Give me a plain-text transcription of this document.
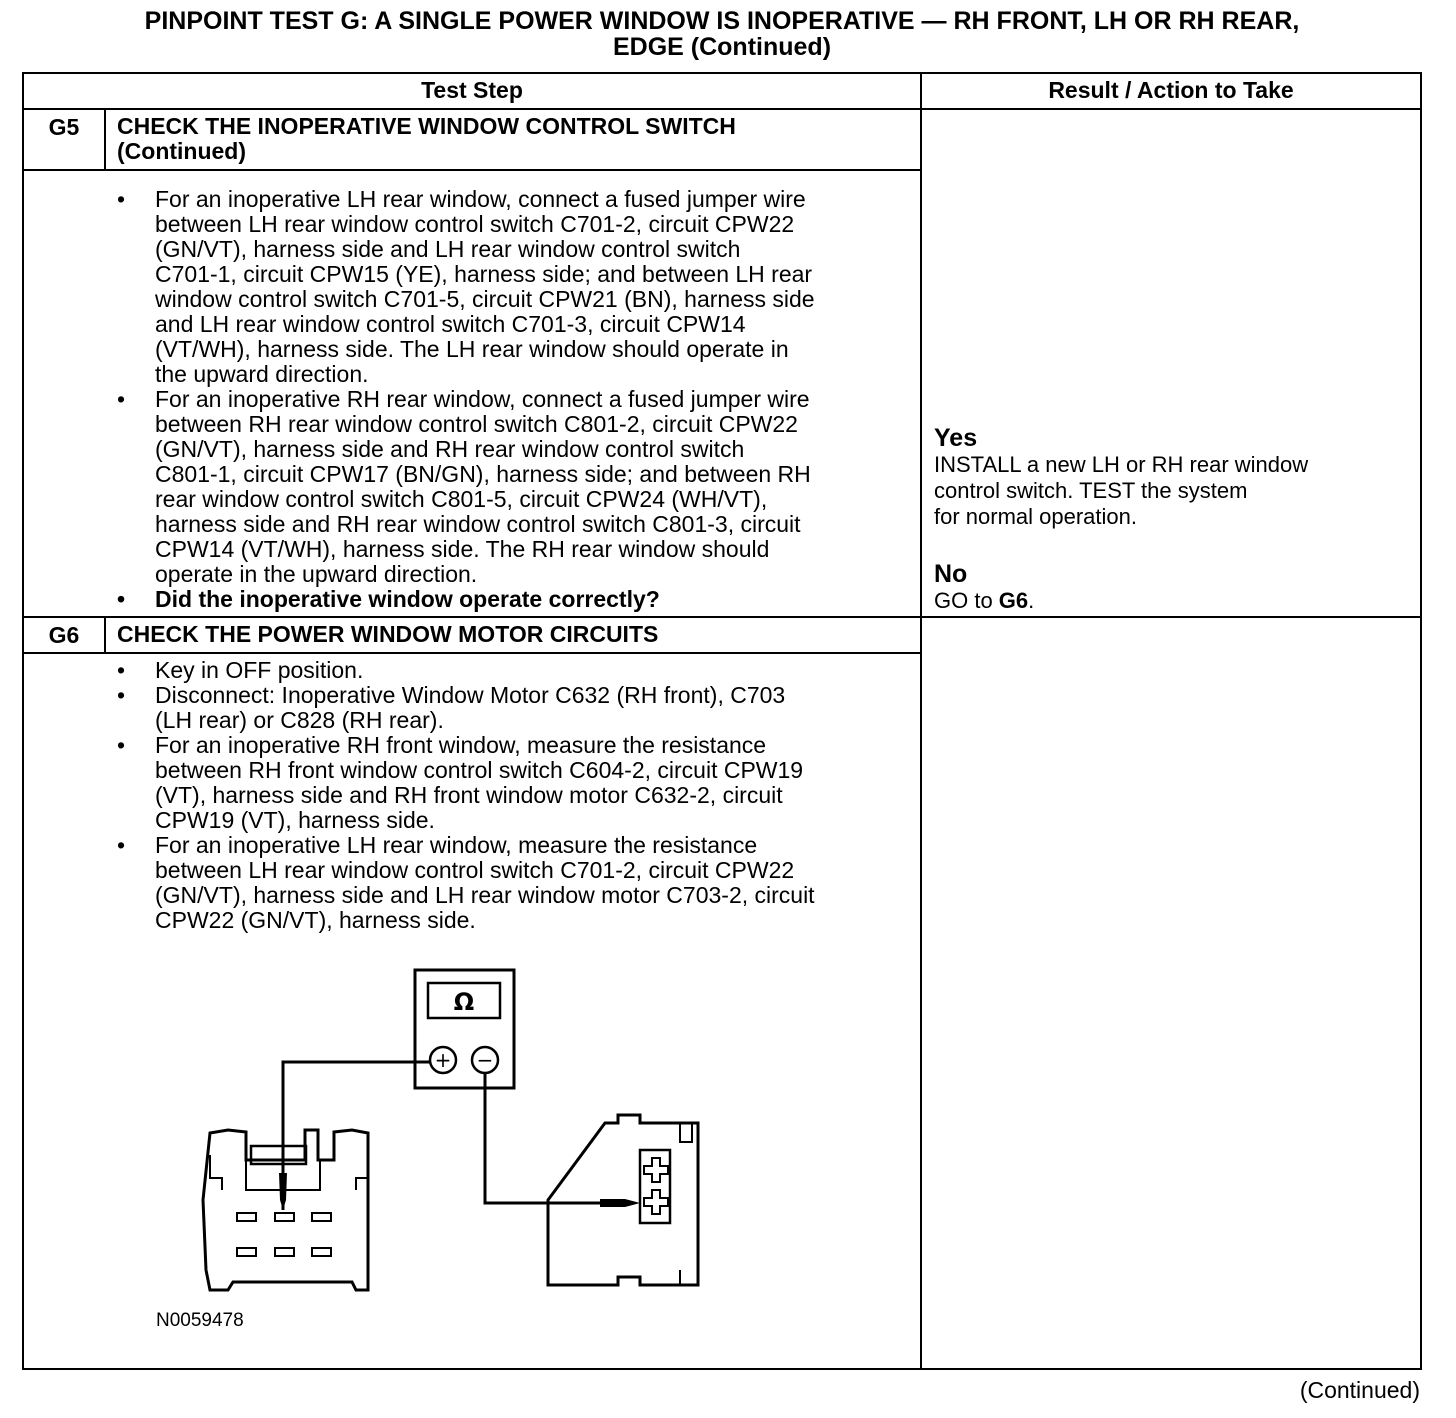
PINPOINT TEST G: A SINGLE POWER WINDOW IS INOPERATIVE — RH FRONT, LH OR RH REAR,
EDGE (Continued)
Test Step	Result / Action to Take
G5	CHECK THE INOPERATIVE WINDOW CONTROL SWITCH
(Continued)
• For an inoperative LH rear window, connect a fused jumper wire
between LH rear window control switch C701-2, circuit CPW22
(GN/VT), harness side and LH rear window control switch
C701-1, circuit CPW15 (YE), harness side; and between LH rear
window control switch C701-5, circuit CPW21 (BN), harness side
and LH rear window control switch C701-3, circuit CPW14
(VT/WH), harness side. The LH rear window should operate in
the upward direction.
• For an inoperative RH rear window, connect a fused jumper wire
between RH rear window control switch C801-2, circuit CPW22
(GN/VT), harness side and RH rear window control switch
C801-1, circuit CPW17 (BN/GN), harness side; and between RH
rear window control switch C801-5, circuit CPW24 (WH/VT),
harness side and RH rear window control switch C801-3, circuit
CPW14 (VT/WH), harness side. The RH rear window should
operate in the upward direction.
• Did the inoperative window operate correctly?
Yes
INSTALL a new LH or RH rear window
control switch. TEST the system
for normal operation.
No
GO to G6.
G6	CHECK THE POWER WINDOW MOTOR CIRCUITS
• Key in OFF position.
• Disconnect: Inoperative Window Motor C632 (RH front), C703
(LH rear) or C828 (RH rear).
• For an inoperative RH front window, measure the resistance
between RH front window control switch C604-2, circuit CPW19
(VT), harness side and RH front window motor C632-2, circuit
CPW19 (VT), harness side.
• For an inoperative LH rear window, measure the resistance
between LH rear window control switch C701-2, circuit CPW22
(GN/VT), harness side and LH rear window motor C703-2, circuit
CPW22 (GN/VT), harness side.
Ω
+ −
N0059478
(Continued)
